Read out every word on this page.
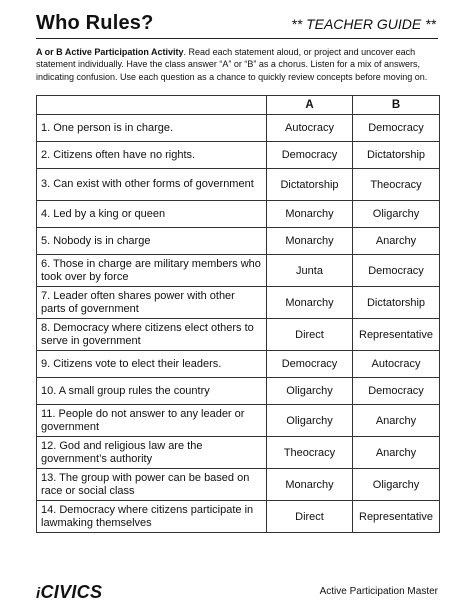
Who Rules?	** TEACHER GUIDE **
A or B Active Participation Activity. Read each statement aloud, or project and uncover each statement individually. Have the class answer “A” or “B” as a chorus. Listen for a mix of answers, indicating confusion. Use each question as a chance to quickly review concepts before moving on.
	A	B
1. One person is in charge.	Autocracy	Democracy
2. Citizens often have no rights.	Democracy	Dictatorship
3. Can exist with other forms of government	Dictatorship	Theocracy
4. Led by a king or queen	Monarchy	Oligarchy
5. Nobody is in charge	Monarchy	Anarchy
6. Those in charge are military members who took over by force	Junta	Democracy
7. Leader often shares power with other parts of government	Monarchy	Dictatorship
8. Democracy where citizens elect others to serve in government	Direct	Representative
9. Citizens vote to elect their leaders.	Democracy	Autocracy
10. A small group rules the country	Oligarchy	Democracy
11. People do not answer to any leader or government	Oligarchy	Anarchy
12. God and religious law are the government’s authority	Theocracy	Anarchy
13. The group with power can be based on race or social class	Monarchy	Oligarchy
14. Democracy where citizens participate in lawmaking themselves	Direct	Representative
iCIVICS	Active Participation Master
